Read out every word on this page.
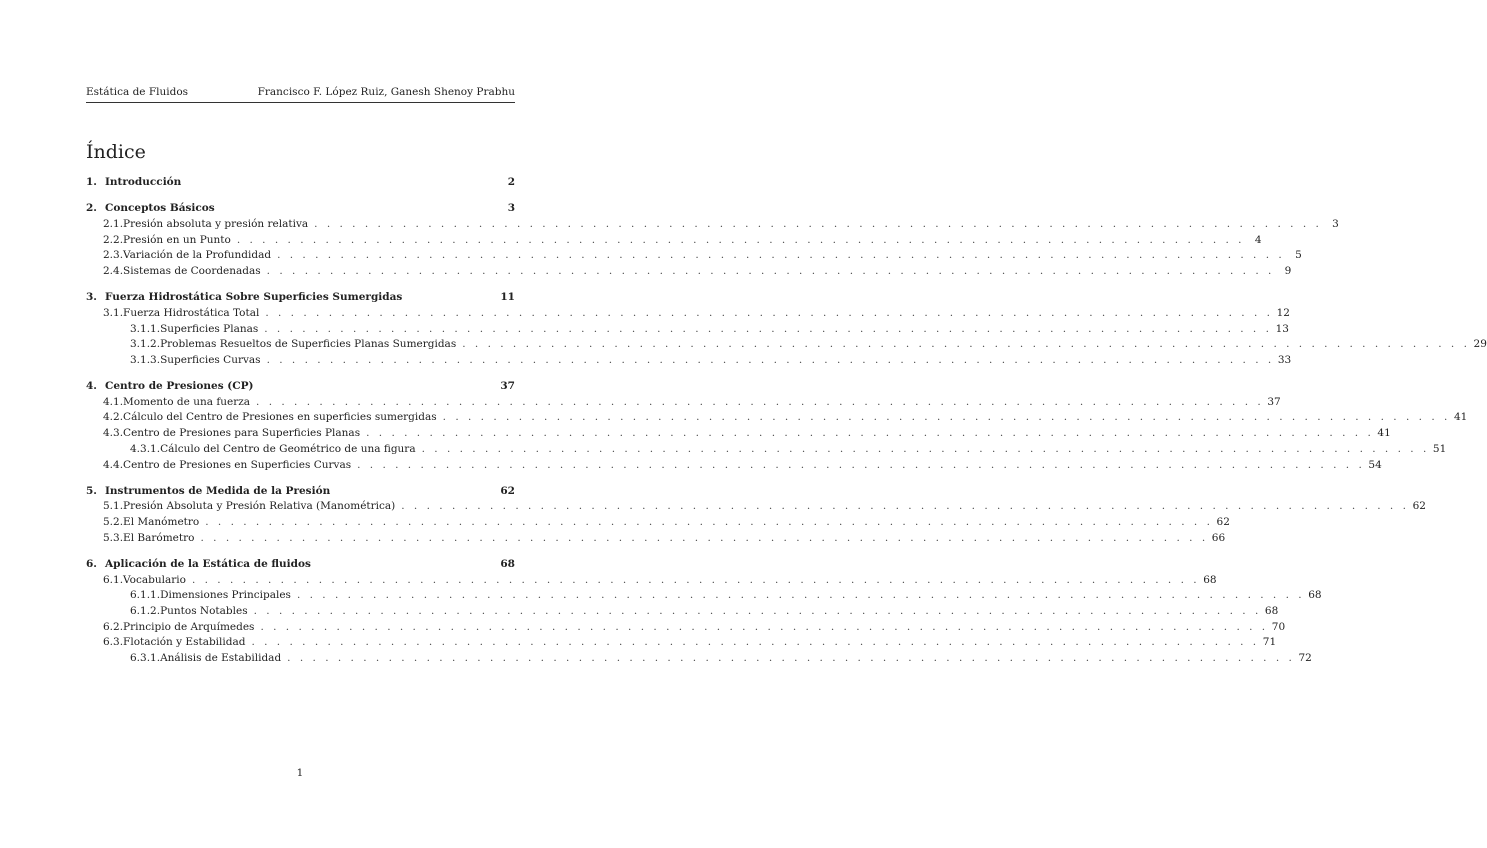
Estática de Fluidos	Francisco F. López Ruiz, Ganesh Shenoy Prabhu
Índice
1. Introducción	2
2. Conceptos Básicos	3
2.1. Presión absoluta y presión relativa . . . . . . . . . . . . . . . . . . . . . . . . . . . . . . . . . . . . . . . . . . . . . . . . . . . . . . . . . . . . . . . . . . . . . . . . . . . . . . . . 3
2.2. Presión en un Punto . . . . . . . . . . . . . . . . . . . . . . . . . . . . . . . . . . . . . . . . . . . . . . . . . . . . . . . . . . . . . . . . . . . . . . . . . . . . . . . . 4
2.3. Variación de la Profundidad . . . . . . . . . . . . . . . . . . . . . . . . . . . . . . . . . . . . . . . . . . . . . . . . . . . . . . . . . . . . . . . . . . . . . . . . . . . . . . . . 5
2.4. Sistemas de Coordenadas . . . . . . . . . . . . . . . . . . . . . . . . . . . . . . . . . . . . . . . . . . . . . . . . . . . . . . . . . . . . . . . . . . . . . . . . . . . . . . . . 9
3. Fuerza Hidrostática Sobre Superficies Sumergidas	11
3.1. Fuerza Hidrostática Total . . . . . . . . . . . . . . . . . . . . . . . . . . . . . . . . . . . . . . . . . . . . . . . . . . . . . . . . . . . . . . . . . . . . . . . . . . . . . . . . 12
3.1.1. Superficies Planas . . . . . . . . . . . . . . . . . . . . . . . . . . . . . . . . . . . . . . . . . . . . . . . . . . . . . . . . . . . . . . . . . . . . . . . . . . . . . . . . 13
3.1.2. Problemas Resueltos de Superficies Planas Sumergidas . . . . . . . . . . . . . . . . . . . . . . . . . . . . . . . . . . . . . . . . . . . . . . . . . . . . . . . . . . . . . . . . . . . . . . . . . . . . . . . . 29
3.1.3. Superficies Curvas . . . . . . . . . . . . . . . . . . . . . . . . . . . . . . . . . . . . . . . . . . . . . . . . . . . . . . . . . . . . . . . . . . . . . . . . . . . . . . . . 33
4. Centro de Presiones (CP)	37
4.1. Momento de una fuerza . . . . . . . . . . . . . . . . . . . . . . . . . . . . . . . . . . . . . . . . . . . . . . . . . . . . . . . . . . . . . . . . . . . . . . . . . . . . . . . . 37
4.2. Cálculo del Centro de Presiones en superficies sumergidas . . . . . . . . . . . . . . . . . . . . . . . . . . . . . . . . . . . . . . . . . . . . . . . . . . . . . . . . . . . . . . . . . . . . . . . . . . . . . . . . 41
4.3. Centro de Presiones para Superficies Planas . . . . . . . . . . . . . . . . . . . . . . . . . . . . . . . . . . . . . . . . . . . . . . . . . . . . . . . . . . . . . . . . . . . . . . . . . . . . . . . . 41
4.3.1. Cálculo del Centro de Geométrico de una figura . . . . . . . . . . . . . . . . . . . . . . . . . . . . . . . . . . . . . . . . . . . . . . . . . . . . . . . . . . . . . . . . . . . . . . . . . . . . . . . . 51
4.4. Centro de Presiones en Superficies Curvas . . . . . . . . . . . . . . . . . . . . . . . . . . . . . . . . . . . . . . . . . . . . . . . . . . . . . . . . . . . . . . . . . . . . . . . . . . . . . . . . 54
5. Instrumentos de Medida de la Presión	62
5.1. Presión Absoluta y Presión Relativa (Manométrica) . . . . . . . . . . . . . . . . . . . . . . . . . . . . . . . . . . . . . . . . . . . . . . . . . . . . . . . . . . . . . . . . . . . . . . . . . . . . . . . . 62
5.2. El Manómetro . . . . . . . . . . . . . . . . . . . . . . . . . . . . . . . . . . . . . . . . . . . . . . . . . . . . . . . . . . . . . . . . . . . . . . . . . . . . . . . . 62
5.3. El Barómetro . . . . . . . . . . . . . . . . . . . . . . . . . . . . . . . . . . . . . . . . . . . . . . . . . . . . . . . . . . . . . . . . . . . . . . . . . . . . . . . . 66
6. Aplicación de la Estática de fluidos	68
6.1. Vocabulario . . . . . . . . . . . . . . . . . . . . . . . . . . . . . . . . . . . . . . . . . . . . . . . . . . . . . . . . . . . . . . . . . . . . . . . . . . . . . . . . 68
6.1.1. Dimensiones Principales . . . . . . . . . . . . . . . . . . . . . . . . . . . . . . . . . . . . . . . . . . . . . . . . . . . . . . . . . . . . . . . . . . . . . . . . . . . . . . . . 68
6.1.2. Puntos Notables . . . . . . . . . . . . . . . . . . . . . . . . . . . . . . . . . . . . . . . . . . . . . . . . . . . . . . . . . . . . . . . . . . . . . . . . . . . . . . . . 68
6.2. Principio de Arquímedes . . . . . . . . . . . . . . . . . . . . . . . . . . . . . . . . . . . . . . . . . . . . . . . . . . . . . . . . . . . . . . . . . . . . . . . . . . . . . . . . 70
6.3. Flotación y Estabilidad . . . . . . . . . . . . . . . . . . . . . . . . . . . . . . . . . . . . . . . . . . . . . . . . . . . . . . . . . . . . . . . . . . . . . . . . . . . . . . . . 71
6.3.1. Análisis de Estabilidad . . . . . . . . . . . . . . . . . . . . . . . . . . . . . . . . . . . . . . . . . . . . . . . . . . . . . . . . . . . . . . . . . . . . . . . . . . . . . . . . 72
1
